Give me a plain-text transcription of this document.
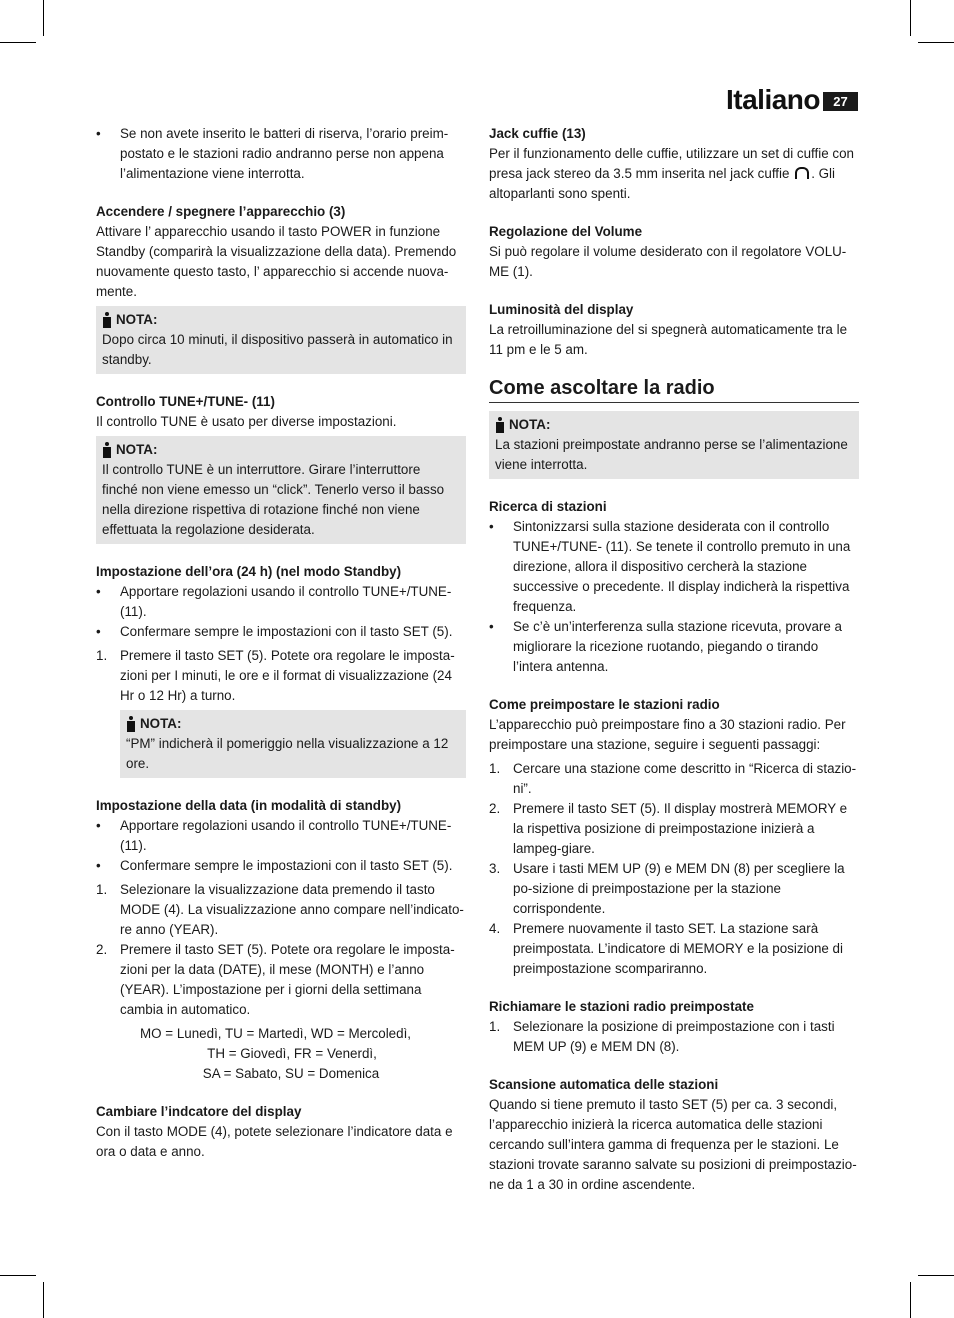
Italiano	27
• Se non avete inserito le batteri di riserva, l’orario preim-postato e le stazioni radio andranno perse non appena l’alimentazione viene interrotta.

Accendere / spegnere l’apparecchio (3)

Attivare l’ apparecchio usando il tasto POWER in funzione Standby (comparirà la visualizzazione della data). Premendo nuovamente questo tasto, l’ apparecchio si accende nuova-mente.

NOTA:

Dopo circa 10 minuti, il dispositivo passerà in automatico in standby.

Controllo TUNE+/TUNE- (11)

Il controllo TUNE è usato per diverse impostazioni.

NOTA:

Il controllo TUNE è un interruttore. Girare l’interruttore finché non viene emesso un “click”. Tenerlo verso il basso nella direzione rispettiva di rotazione finché non viene effettuata la regolazione desiderata.

Impostazione dell’ora (24 h) (nel modo Standby)

• Apportare regolazioni usando il controllo TUNE+/TUNE- (11).
• Confermare sempre le impostazioni con il tasto SET (5).
1. Premere il tasto SET (5). Potete ora regolare le imposta-zioni per I minuti, le ore e il format di visualizzazione (24 Hr o 12 Hr) a turno.
NOTA:

“PM” indicherà il pomeriggio nella visualizzazione a 12 ore.

Impostazione della data (in modalità di standby)

• Apportare regolazioni usando il controllo TUNE+/TUNE- (11).
• Confermare sempre le impostazioni con il tasto SET (5).
1. Selezionare la visualizzazione data premendo il tasto MODE (4). La visualizzazione anno compare nell’indicato-re anno (YEAR).
2. Premere il tasto SET (5). Potete ora regolare le imposta-zioni per la data (DATE), il mese (MONTH) e l’anno (YEAR). L’impostazione per i giorni della settimana cambia in automatico.

MO = Lunedì, TU = Martedì, WD = Mercoledì,

TH = Giovedì, FR = Venerdì,

SA = Sabato, SU = Domenica

Cambiare l’indcatore del display

Con il tasto MODE (4), potete selezionare l’indicatore data e ora o data e anno.

Jack cuffie (13)

Per il funzionamento delle cuffie, utilizzare un set di cuffie con presa jack stereo da 3.5 mm inserita nel jack cuffie . Gli altoparlanti sono spenti.

Regolazione del Volume

Si può regolare il volume desiderato con il regolatore VOLU-ME (1).

Luminosità del display

La retroilluminazione del si spegnerà automaticamente tra le 11 pm e le 5 am.

Come ascoltare la radio
NOTA:

La stazioni preimpostate andranno perse se l’alimentazione viene interrotta.

Ricerca di stazioni

• Sintonizzarsi sulla stazione desiderata con il controllo TUNE+/TUNE- (11). Se tenete il controllo premuto in una direzione, allora il dispositivo cercherà la stazione successive o precedente. Il display indicherà la rispettiva frequenza.
• Se c’è un’interferenza sulla stazione ricevuta, provare a migliorare la ricezione ruotando, piegando o tirando l’intera antenna.

Come preimpostare le stazioni radio

L’apparecchio può preimpostare fino a 30 stazioni radio. Per preimpostare una stazione, seguire i seguenti passaggi:

1. Cercare una stazione come descritto in “Ricerca di stazio-ni”.
2. Premere il tasto SET (5). Il display mostrerà MEMORY e la rispettiva posizione di preimpostazione inizierà a lampeg-giare.
3. Usare i tasti MEM UP (9) e MEM DN (8) per scegliere la po-sizione di preimpostazione per la stazione corrispondente.
4. Premere nuovamente il tasto SET. La stazione sarà preimpostata. L’indicatore di MEMORY e la posizione di preimpostazione scompariranno.

Richiamare le stazioni radio preimpostate

1. Selezionare la posizione di preimpostazione con i tasti MEM UP (9) e MEM DN (8).

Scansione automatica delle stazioni

Quando si tiene premuto il tasto SET (5) per ca. 3 secondi, l’apparecchio inizierà la ricerca automatica delle stazioni cercando sull’intera gamma di frequenza per le stazioni. Le stazioni trovate saranno salvate su posizioni di preimpostazio-ne da 1 a 30 in ordine ascendente.
